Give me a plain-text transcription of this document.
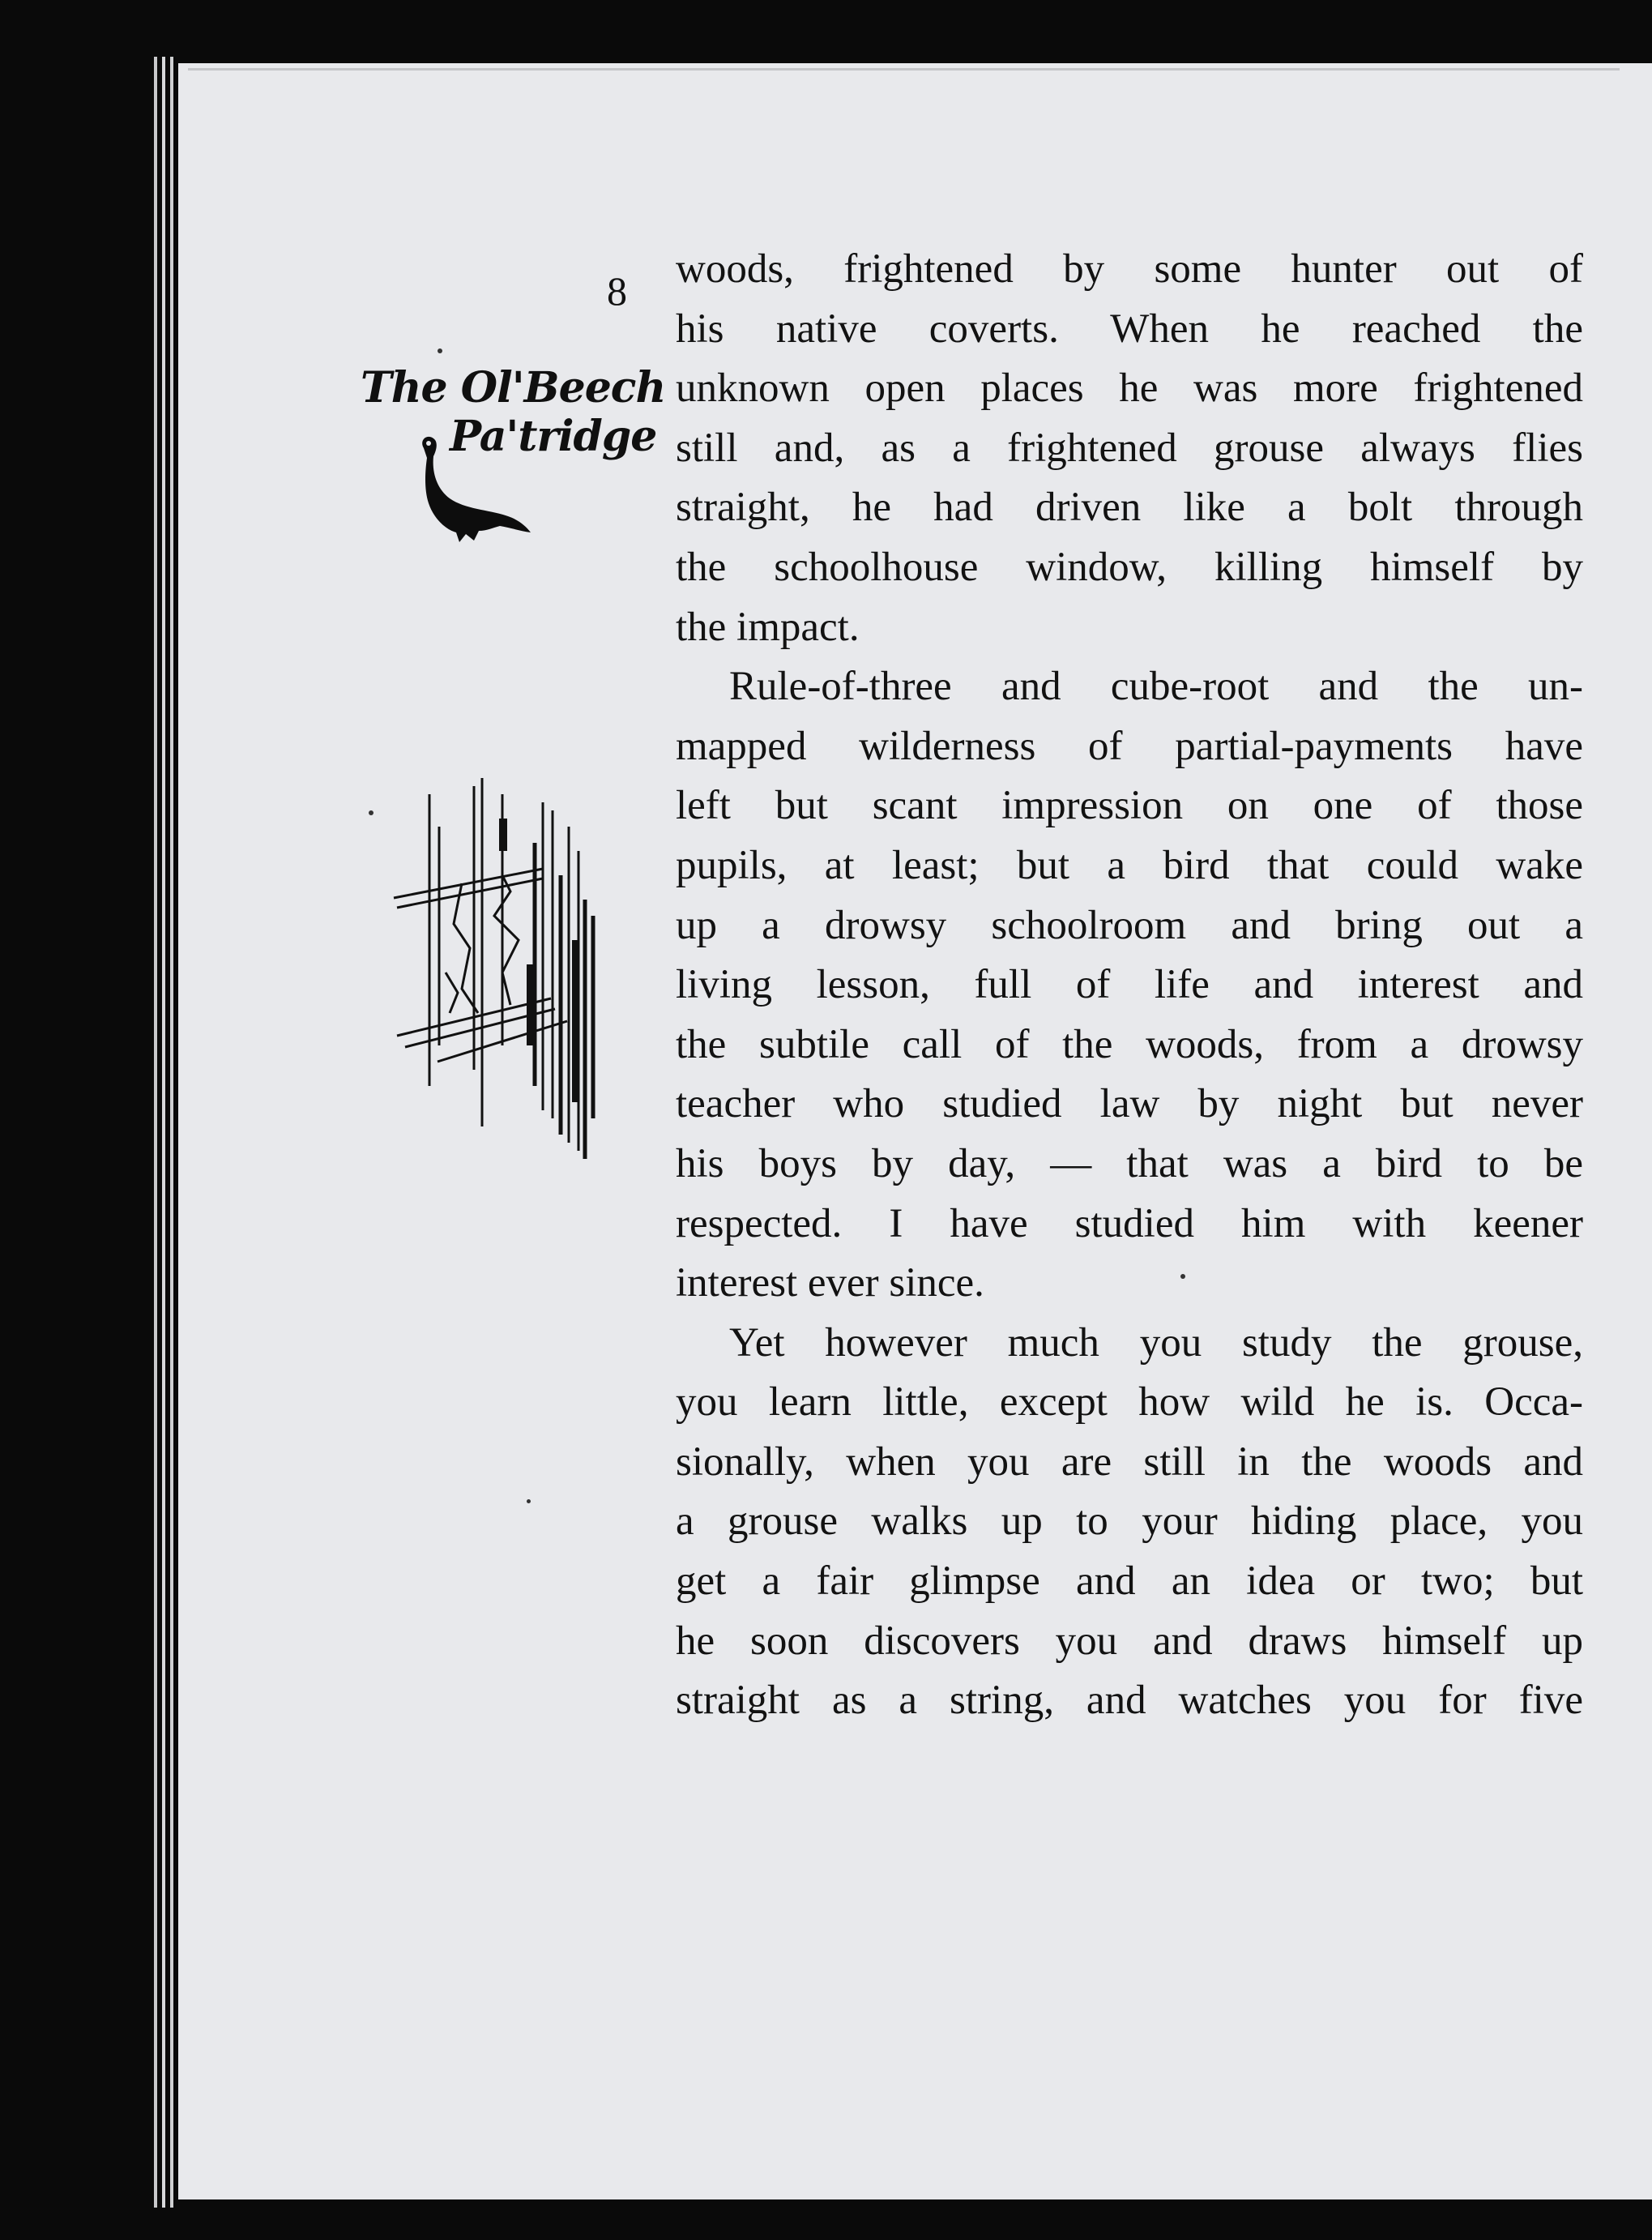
8
The Ol'Beech
Pa'tridge

woods, frightened by some hunter out of
his native coverts. When he reached the
unknown open places he was more frightened
still and, as a frightened grouse always flies
straight, he had driven like a bolt through
the schoolhouse window, killing himself by
the impact.

Rule-of-three and cube-root and the un-
mapped wilderness of partial-payments have
left but scant impression on one of those
pupils, at least; but a bird that could wake
up a drowsy schoolroom and bring out a
living lesson, full of life and interest and
the subtile call of the woods, from a drowsy
teacher who studied law by night but never
his boys by day, — that was a bird to be
respected. I have studied him with keener
interest ever since.

Yet however much you study the grouse,
you learn little, except how wild he is. Occa-
sionally, when you are still in the woods and
a grouse walks up to your hiding place, you
get a fair glimpse and an idea or two; but
he soon discovers you and draws himself up
straight as a string, and watches you for five
